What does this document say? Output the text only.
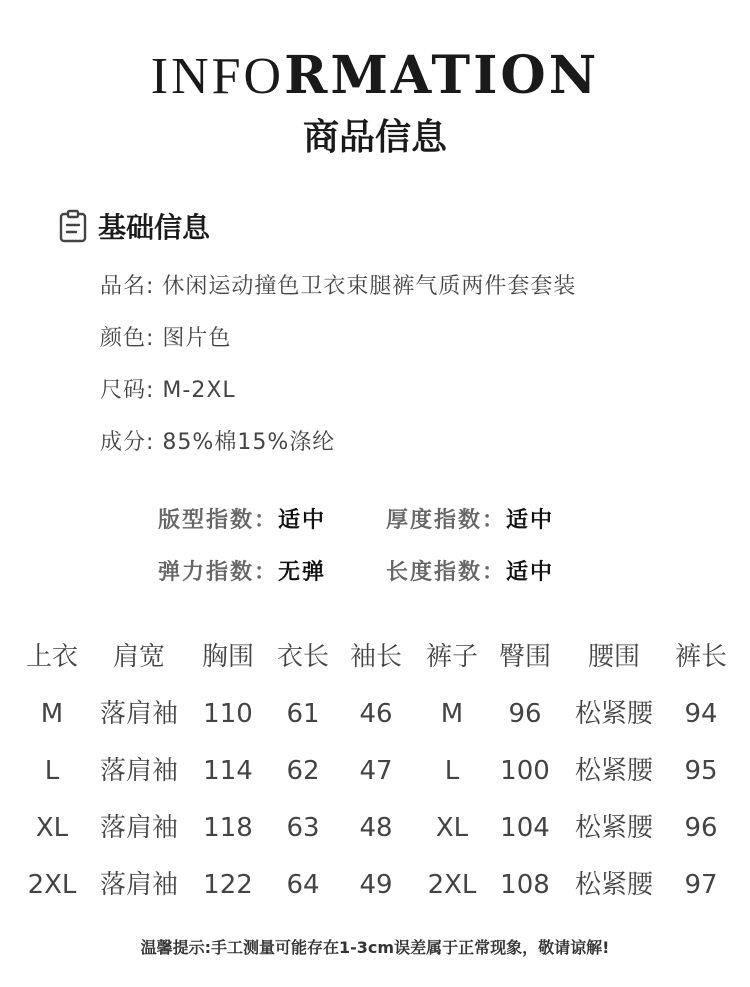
INFORMATION
商品信息
基础信息
品名: 休闲运动撞色卫衣束腿裤气质两件套套装
颜色: 图片色
尺码: M-2XL
成分: 85%棉15%涤纶
版型指数：适中	厚度指数：适中
弹力指数：无弹	长度指数：适中
上衣 肩宽 胸围 衣长 袖长 裤子 臀围 腰围 裤长
M 落肩袖 110 61 46 M 96 松紧腰 94
L 落肩袖 114 62 47 L 100 松紧腰 95
XL 落肩袖 118 63 48 XL 104 松紧腰 96
2XL 落肩袖 122 64 49 2XL 108 松紧腰 97
温馨提示:手工测量可能存在1-3cm误差属于正常现象，敬请谅解!
